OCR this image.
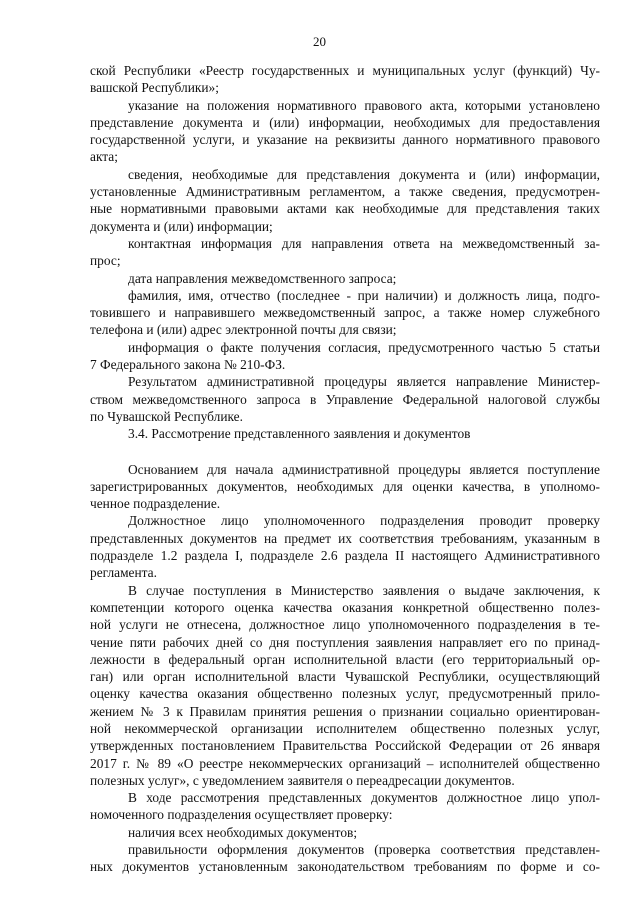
20
ской Республики «Реестр государственных и муниципальных услуг (функций) Чу-
вашской Республики»;
указание на положения нормативного правового акта, которыми установлено
представление документа и (или) информации, необходимых для предоставления
государственной услуги, и указание на реквизиты данного нормативного правового
акта;
сведения, необходимые для представления документа и (или) информации,
установленные Административным регламентом, а также сведения, предусмотрен-
ные нормативными правовыми актами как необходимые для представления таких
документа и (или) информации;
контактная информация для направления ответа на межведомственный за-
прос;
дата направления межведомственного запроса;
фамилия, имя, отчество (последнее - при наличии) и должность лица, подго-
товившего и направившего межведомственный запрос, а также номер служебного
телефона и (или) адрес электронной почты для связи;
информация о факте получения согласия, предусмотренного частью 5 статьи
7 Федерального закона № 210-ФЗ.
Результатом административной процедуры является направление Министер-
ством межведомственного запроса в Управление Федеральной налоговой службы
по Чувашской Республике.
3.4. Рассмотрение представленного заявления и документов
Основанием для начала административной процедуры является поступление
зарегистрированных документов, необходимых для оценки качества, в уполномо-
ченное подразделение.
Должностное лицо уполномоченного подразделения проводит проверку
представленных документов на предмет их соответствия требованиям, указанным в
подразделе 1.2 раздела I, подразделе 2.6 раздела II настоящего Административного
регламента.
В случае поступления в Министерство заявления о выдаче заключения, к
компетенции которого оценка качества оказания конкретной общественно полез-
ной услуги не отнесена, должностное лицо уполномоченного подразделения в те-
чение пяти рабочих дней со дня поступления заявления направляет его по принад-
лежности в федеральный орган исполнительной власти (его территориальный ор-
ган) или орган исполнительной власти Чувашской Республики, осуществляющий
оценку качества оказания общественно полезных услуг, предусмотренный прило-
жением № 3 к Правилам принятия решения о признании социально ориентирован-
ной некоммерческой организации исполнителем общественно полезных услуг,
утвержденных постановлением Правительства Российской Федерации от 26 января
2017 г. № 89 «О реестре некоммерческих организаций – исполнителей общественно
полезных услуг», с уведомлением заявителя о переадресации документов.
В ходе рассмотрения представленных документов должностное лицо упол-
номоченного подразделения осуществляет проверку:
наличия всех необходимых документов;
правильности оформления документов (проверка соответствия представлен-
ных документов установленным законодательством требованиям по форме и со-
